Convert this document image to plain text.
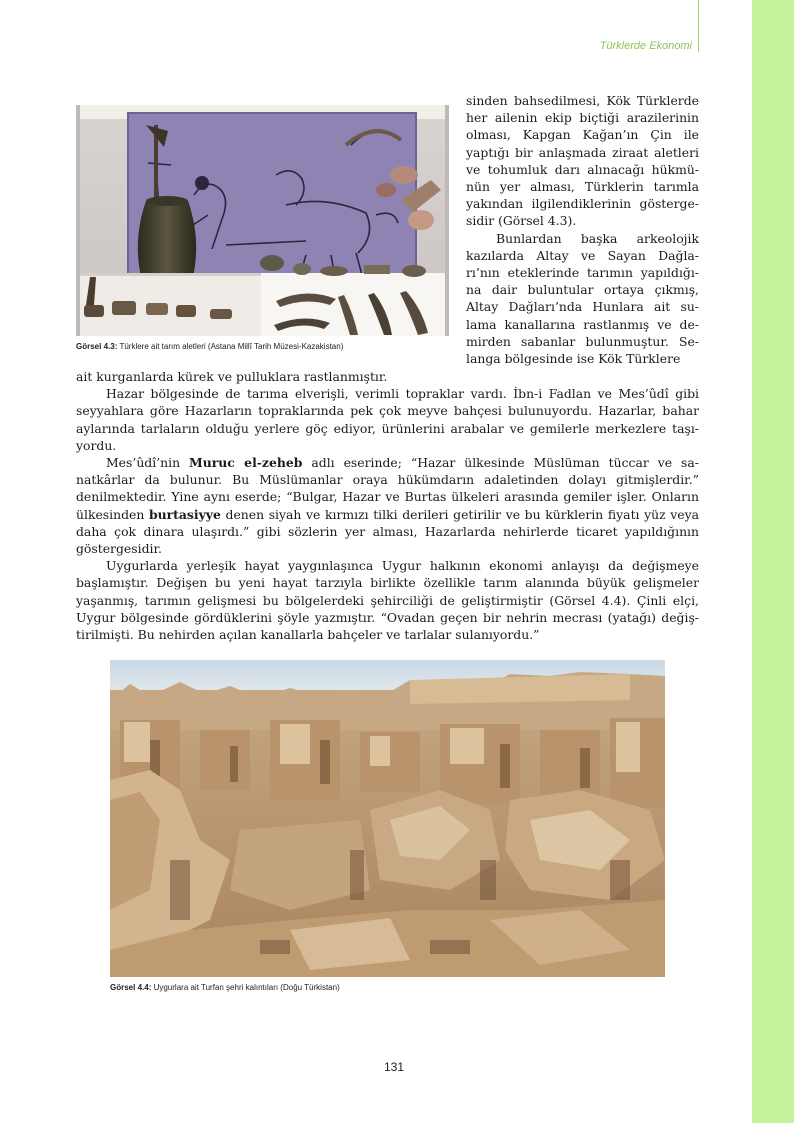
Türklerde Ekonomi
Görsel 4.3: Türklere ait tarım aletleri (Astana Millî Tarih Müzesi-Kazakistan)

sinden bahsedilmesi, Kök Türklerde her ailenin ekip biçtiği arazilerinin olması, Kapgan Kağan’ın Çin ile yaptığı bir anlaşmada ziraat aletleri ve tohumluk darı alınacağı hükmü-nün yer alması, Türklerin tarımla yakından ilgilendiklerinin gösterge-sidir (Görsel 4.3).

Bunlardan başka arkeolojik kazılarda Altay ve Sayan Dağla-rı’nın eteklerinde tarımın yapıldığı-na dair buluntular ortaya çıkmış, Altay Dağları’nda Hunlara ait su-lama kanallarına rastlanmış ve de-mirden sabanlar bulunmuştur. Se-langa bölgesinde ise Kök Türklere

ait kurganlarda kürek ve pulluklara rastlanmıştır.

Hazar bölgesinde de tarıma elverişli, verimli topraklar vardı. İbn-i Fadlan ve Mes’ûdî gibi seyyahlara göre Hazarların topraklarında pek çok meyve bahçesi bulunuyordu. Hazarlar, bahar aylarında tarlaların olduğu yerlere göç ediyor, ürünlerini arabalar ve gemilerle merkezlere taşı-yordu.

Mes’ûdî’nin Muruc el-zeheb adlı eserinde; “Hazar ülkesinde Müslüman tüccar ve sa-natkârlar da bulunur. Bu Müslümanlar oraya hükümdarın adaletinden dolayı gitmişlerdir.” denilmektedir. Yine aynı eserde; “Bulgar, Hazar ve Burtas ülkeleri arasında gemiler işler. Onların ülkesinden burtasiyye denen siyah ve kırmızı tilki derileri getirilir ve bu kürklerin fiyatı yüz veya daha çok dinara ulaşırdı.” gibi sözlerin yer alması, Hazarlarda nehirlerde ticaret yapıldığının göstergesidir.

Uygurlarda yerleşik hayat yaygınlaşınca Uygur halkının ekonomi anlayışı da değişmeye başlamıştır. Değişen bu yeni hayat tarzıyla birlikte özellikle tarım alanında büyük gelişmeler yaşanmış, tarımın gelişmesi bu bölgelerdeki şehirciliği de geliştirmiştir (Görsel 4.4). Çinli elçi, Uygur bölgesinde gördüklerini şöyle yazmıştır. “Ovadan geçen bir nehrin mecrası (yatağı) değiş-tirilmişti. Bu nehirden açılan kanallarla bahçeler ve tarlalar sulanıyordu.”

Görsel 4.4: Uygurlara ait Turfan şehri kalıntıları (Doğu Türkistan)
131
